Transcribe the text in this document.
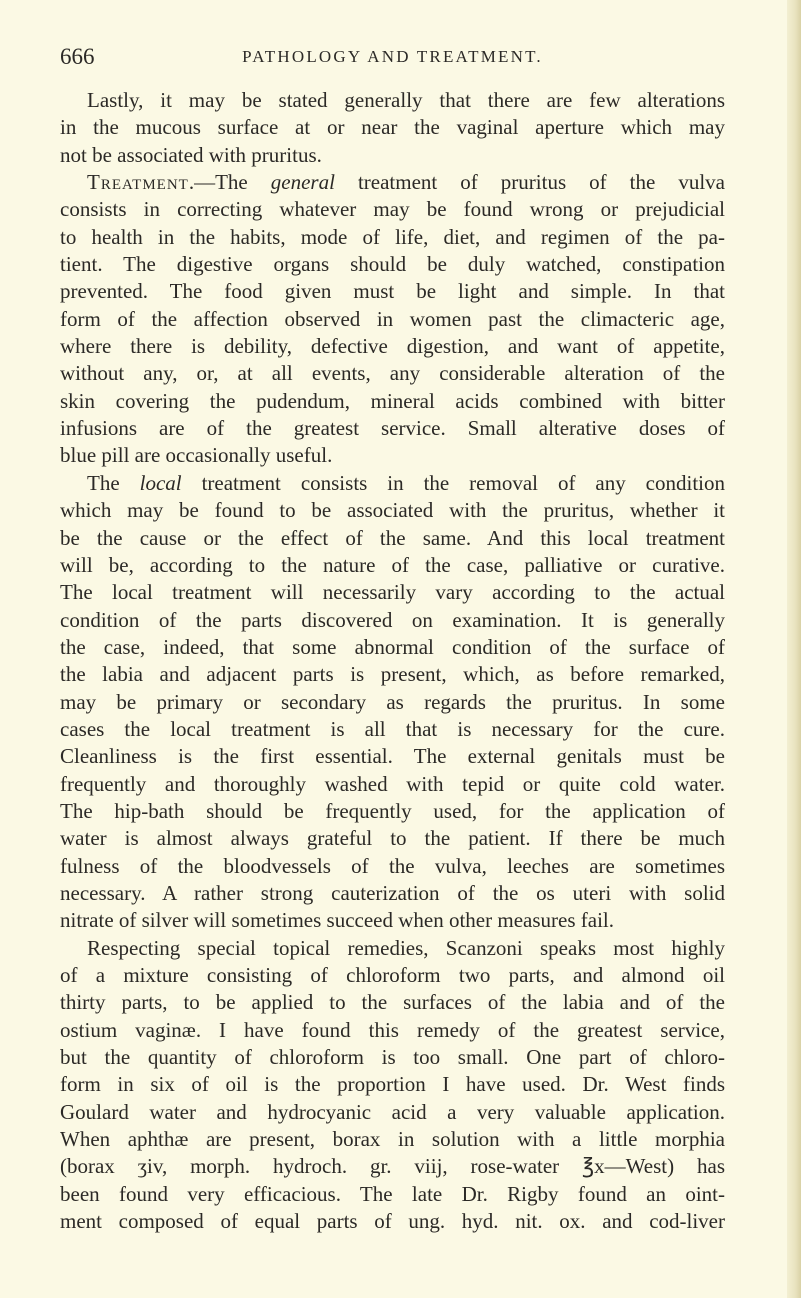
666	PATHOLOGY AND TREATMENT.
Lastly, it may be stated generally that there are few alterations
in the mucous surface at or near the vaginal aperture which may
not be associated with pruritus.
Treatment.—The general treatment of pruritus of the vulva
consists in correcting whatever may be found wrong or prejudicial
to health in the habits, mode of life, diet, and regimen of the pa-
tient. The digestive organs should be duly watched, constipation
prevented. The food given must be light and simple. In that
form of the affection observed in women past the climacteric age,
where there is debility, defective digestion, and want of appetite,
without any, or, at all events, any considerable alteration of the
skin covering the pudendum, mineral acids combined with bitter
infusions are of the greatest service. Small alterative doses of
blue pill are occasionally useful.
The local treatment consists in the removal of any condition
which may be found to be associated with the pruritus, whether it
be the cause or the effect of the same. And this local treatment
will be, according to the nature of the case, palliative or curative.
The local treatment will necessarily vary according to the actual
condition of the parts discovered on examination. It is generally
the case, indeed, that some abnormal condition of the surface of
the labia and adjacent parts is present, which, as before remarked,
may be primary or secondary as regards the pruritus. In some
cases the local treatment is all that is necessary for the cure.
Cleanliness is the first essential. The external genitals must be
frequently and thoroughly washed with tepid or quite cold water.
The hip-bath should be frequently used, for the application of
water is almost always grateful to the patient. If there be much
fulness of the bloodvessels of the vulva, leeches are sometimes
necessary. A rather strong cauterization of the os uteri with solid
nitrate of silver will sometimes succeed when other measures fail.
Respecting special topical remedies, Scanzoni speaks most highly
of a mixture consisting of chloroform two parts, and almond oil
thirty parts, to be applied to the surfaces of the labia and of the
ostium vaginæ. I have found this remedy of the greatest service,
but the quantity of chloroform is too small. One part of chloro-
form in six of oil is the proportion I have used. Dr. West finds
Goulard water and hydrocyanic acid a very valuable application.
When aphthæ are present, borax in solution with a little morphia
(borax ʒiv, morph. hydroch. gr. viij, rose-water ℥x—West) has
been found very efficacious. The late Dr. Rigby found an oint-
ment composed of equal parts of ung. hyd. nit. ox. and cod-liver
